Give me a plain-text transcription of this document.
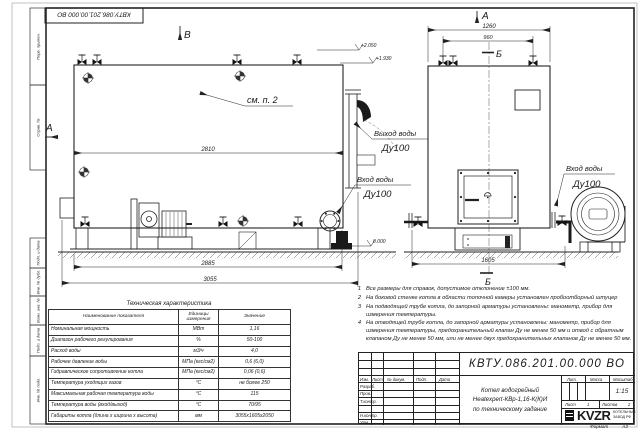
Перв. примен.
Справ. №
Подп. и дата
Инв. № дубл.
Взам. инв. №
Подп. и дата
Инв. № подл.
КВТУ.086.201.00.000 ВО
2810
2885
3055
1260
960
1605
+2.050
+1.930
0.000
см. п. 2
Выход воды
Ду100
Вход воды
Ду100
Вход воды
Ду100
В
А
А
Б
Б
Техническая характеристика
Наименование показателя	Единицы измерения	Значение
Номинальная мощность	МВт	1,16
Диапазон рабочего регулирования	%	50-100
Расход воды	м3/ч	4,0
Рабочее давление воды	МПа (кгс/см2)	0,6 (6,0)
Гидравлическое сопротивление котла	МПа (кгс/см2)	0,06 (0,6)
Температура уходящих газов	°С	не более 250
Максимальная рабочая температура воды	°С	115
Температура воды (вход/выход)	°С	70/95
Габариты котла (длина х ширина х высота)	мм	3055х1605х2050
1 Все размеры для справок, допустимое отклонение ±100 мм.
2 На боковой стенке котла в области топочной камеры установлен пробоотборный штуцер
3 На подводящей трубе котла, до запорной арматуры установлены: манометр, прибор для измерения температуры.
4 На отводящей трубе котла, до запорной арматуры установлены: манометр, прибор для измерения температуры, предохранительный клапан Ду не менее 50 мм и отвод с обратным клапаном Ду не менее 50 мм, или не менее двух предохранительных клапанов Ду не менее 50 мм.
Изм. Лист № докум.	Подп.	Дата
Разраб.
Пров.
Т.контр.
Н.контр.
Утв.
КВТУ.086.201.00.000 ВО
Котел водогрейный
Heatexpert-КВр-1,16-К(К)И
по техническому задание
Лит.	Масса	Масштаб
1:15
Лист	1	Листов	2
KVZR КОТЕЛЬНЫЙ
ЗАВОД РФ
Формат	А3
